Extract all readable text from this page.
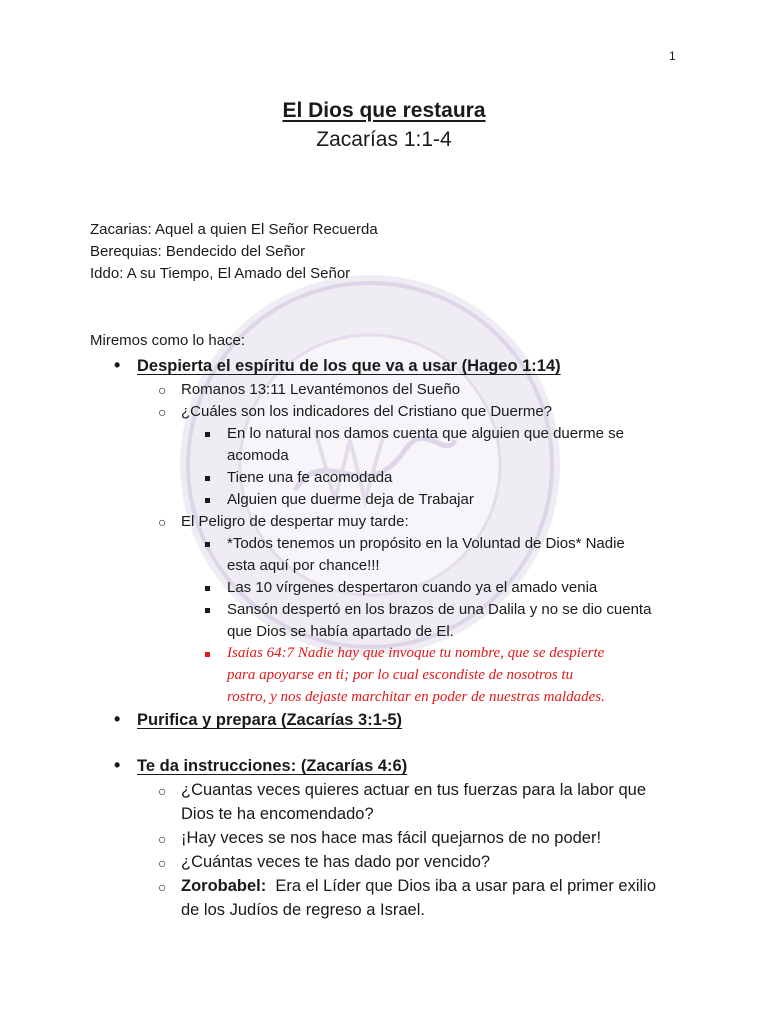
1
El Dios que restaura
Zacarías 1:1-4
Zacarias: Aquel a quien El Señor Recuerda
Berequias: Bendecido del Señor
Iddo: A su Tiempo, El Amado del Señor
Miremos como lo hace:
• Despierta el espíritu de los que va a usar (Hageo 1:14)
○ Romanos 13:11 Levantémonos del Sueño
○ ¿Cuáles son los indicadores del Cristiano que Duerme?
En lo natural nos damos cuenta que alguien que duerme se
acomoda
Tiene una fe acomodada
Alguien que duerme deja de Trabajar
○ El Peligro de despertar muy tarde:
*Todos tenemos un propósito en la Voluntad de Dios* Nadie
esta aquí por chance!!!
Las 10 vírgenes despertaron cuando ya el amado venia
Sansón despertó en los brazos de una Dalila y no se dio cuenta
que Dios se había apartado de El.
Isaias 64:7 Nadie hay que invoque tu nombre, que se despierte
para apoyarse en ti; por lo cual escondiste de nosotros tu
rostro, y nos dejaste marchitar en poder de nuestras maldades.
• Purifica y prepara (Zacarías 3:1-5)
• Te da instrucciones: (Zacarías 4:6)
○ ¿Cuantas veces quieres actuar en tus fuerzas para la labor que
Dios te ha encomendado?
○ ¡Hay veces se nos hace mas fácil quejarnos de no poder!
○ ¿Cuántas veces te has dado por vencido?
○ Zorobabel:  Era el Líder que Dios iba a usar para el primer exilio
de los Judíos de regreso a Israel.
